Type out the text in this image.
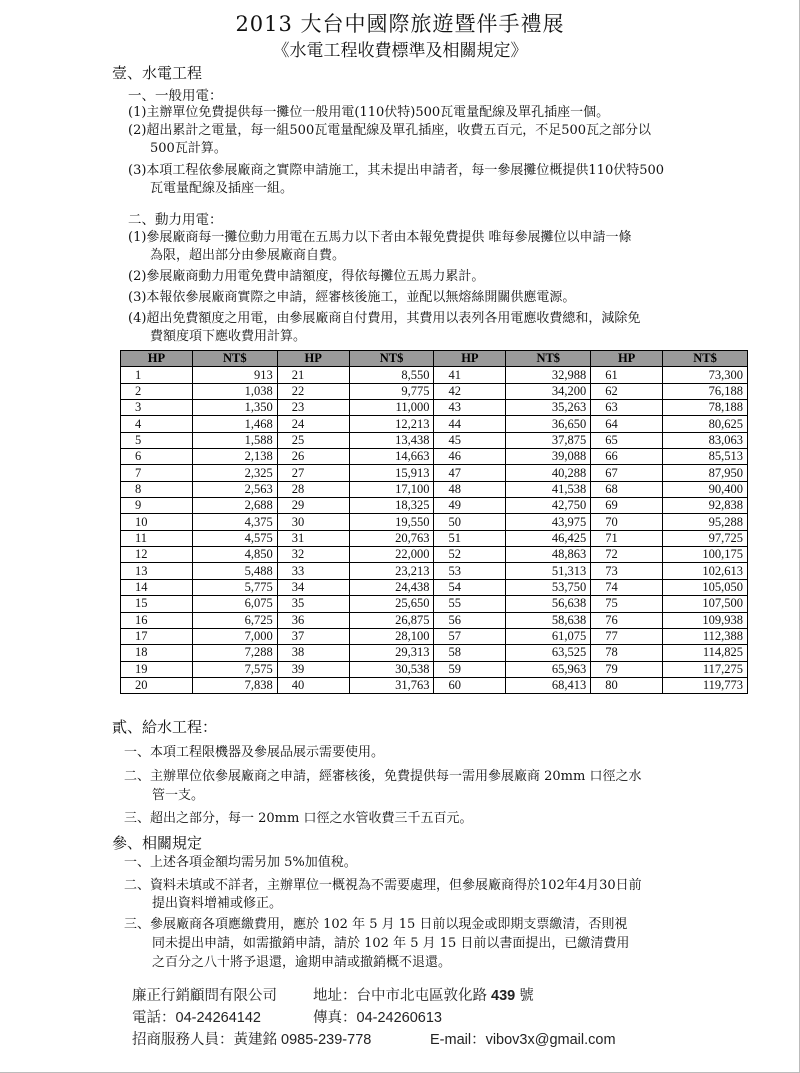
2013 大台中國際旅遊暨伴手禮展
《水電工程收費標準及相關規定》
壹、水電工程
一、一般用電：
(1)主辦單位免費提供每一攤位一般用電(110伏特)500瓦電量配線及單孔插座一個。
(2)超出累計之電量，每一組500瓦電量配線及單孔插座，收費五百元，不足500瓦之部分以
500瓦計算。
(3)本項工程依參展廠商之實際申請施工，其未提出申請者，每一參展攤位概提供110伏特500
瓦電量配線及插座一組。
二、動力用電：
(1)參展廠商每一攤位動力用電在五馬力以下者由本報免費提供 唯每參展攤位以申請一條
為限，超出部分由參展廠商自費。
(2)參展廠商動力用電免費申請額度，得依每攤位五馬力累計。
(3)本報依參展廠商實際之申請，經審核後施工，並配以無熔絲開關供應電源。
(4)超出免費額度之用電，由參展廠商自付費用，其費用以表列各用電應收費總和，減除免
費額度項下應收費用計算。
HP	NT$	HP	NT$	HP	NT$	HP	NT$
1	913	21	8,550	41	32,988	61	73,300
2	1,038	22	9,775	42	34,200	62	76,188
3	1,350	23	11,000	43	35,263	63	78,188
4	1,468	24	12,213	44	36,650	64	80,625
5	1,588	25	13,438	45	37,875	65	83,063
6	2,138	26	14,663	46	39,088	66	85,513
7	2,325	27	15,913	47	40,288	67	87,950
8	2,563	28	17,100	48	41,538	68	90,400
9	2,688	29	18,325	49	42,750	69	92,838
10	4,375	30	19,550	50	43,975	70	95,288
11	4,575	31	20,763	51	46,425	71	97,725
12	4,850	32	22,000	52	48,863	72	100,175
13	5,488	33	23,213	53	51,313	73	102,613
14	5,775	34	24,438	54	53,750	74	105,050
15	6,075	35	25,650	55	56,638	75	107,500
16	6,725	36	26,875	56	58,638	76	109,938
17	7,000	37	28,100	57	61,075	77	112,388
18	7,288	38	29,313	58	63,525	78	114,825
19	7,575	39	30,538	59	65,963	79	117,275
20	7,838	40	31,763	60	68,413	80	119,773
貳、給水工程：
一、本項工程限機器及參展品展示需要使用。
二、主辦單位依參展廠商之申請，經審核後，免費提供每一需用參展廠商 20mm 口徑之水
管一支。
三、超出之部分，每一 20mm 口徑之水管收費三千五百元。
參、相關規定
一、上述各項金額均需另加 5%加值稅。
二、資料未填或不詳者，主辦單位一概視為不需要處理，但參展廠商得於102年4月30日前
提出資料增補或修正。
三、參展廠商各項應繳費用，應於 102 年 5 月 15 日前以現金或即期支票繳清，否則視
同未提出申請，如需撤銷申請，請於 102 年 5 月 15 日前以書面提出，已繳清費用
之百分之八十將予退還，逾期申請或撤銷概不退還。
廉正行銷顧問有限公司 地址：台中市北屯區敦化路 439 號
電話：04-24264142	傳真：04-24260613
招商服務人員：黃建銘 0985-239-778	E-mail：vibov3x@gmail.com
